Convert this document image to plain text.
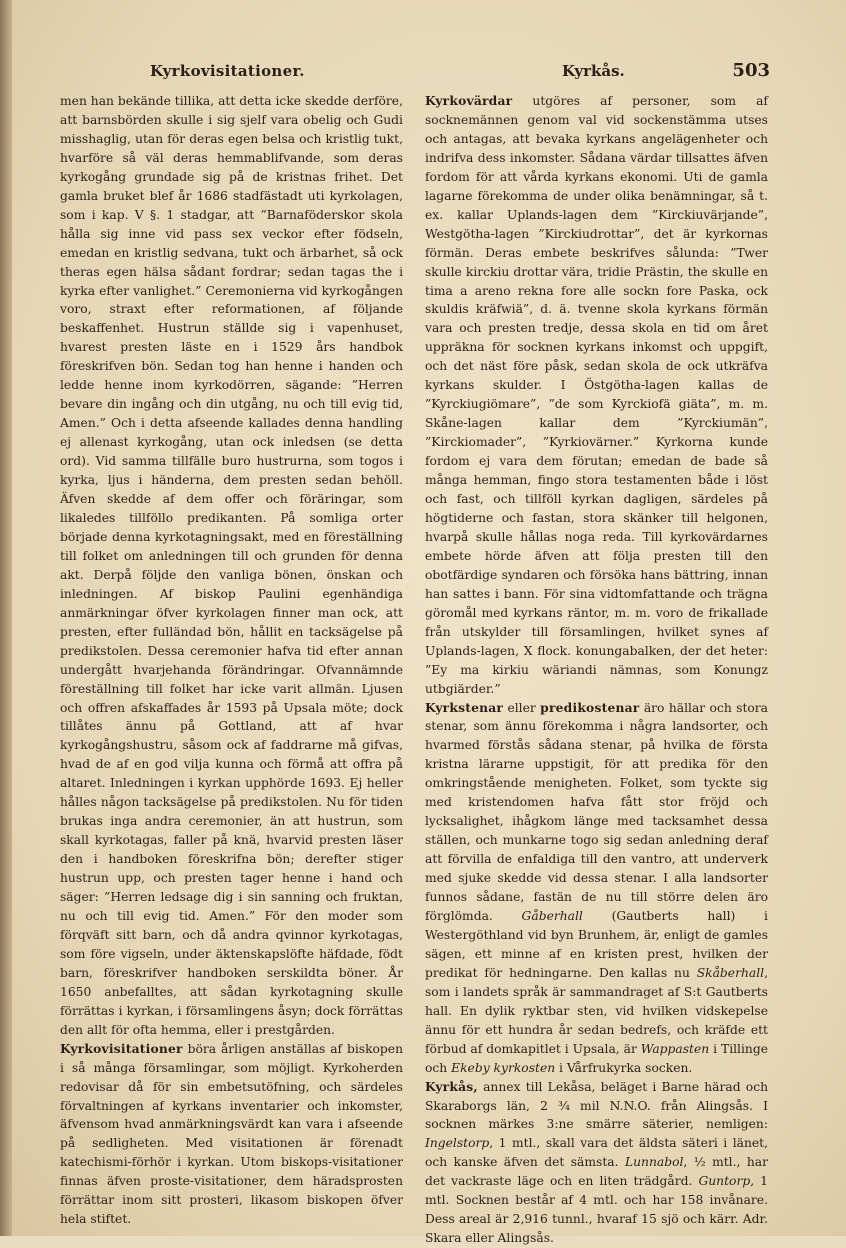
Kyrkovisitationer.	Kyrkås.	503

men han bekände tillika, att detta icke skedde derföre, att barnsbörden skulle i sig sjelf vara obelig och Gudi misshaglig, utan för deras egen belsa och kristlig tukt, hvarföre så väl deras hemmablifvande, som deras kyrkogång grundade sig på de kristnas frihet. Det gamla bruket blef år 1686 stadfästadt uti kyrkolagen, som i kap. V §. 1 stadgar, att ”Barnaföderskor skola hålla sig inne vid pass sex veckor efter födseln, emedan en kristlig sedvana, tukt och ärbarhet, så ock theras egen hälsa sådant fordrar; sedan tagas the i kyrka efter vanlighet.” Ceremonierna vid kyrkogången voro, straxt efter reformationen, af följande beskaffenhet. Hustrun ställde sig i vapenhuset, hvarest presten läste en i 1529 års handbok föreskrifven bön. Sedan tog han henne i handen och ledde henne inom kyrkodörren, sägande: ”Herren bevare din ingång och din utgång, nu och till evig tid, Amen.” Och i detta afseende kallades denna handling ej allenast kyrkogång, utan ock inledsen (se detta ord). Vid samma tillfälle buro hustrurna, som togos i kyrka, ljus i händerna, dem presten sedan behöll. Äfven skedde af dem offer och föräringar, som likaledes tillföllo predikanten. På somliga orter började denna kyrkotagningsakt, med en föreställning till folket om anledningen till och grunden för denna akt. Derpå följde den vanliga bönen, önskan och inledningen. Af biskop Paulini egenhändiga anmärkningar öfver kyrkolagen finner man ock, att presten, efter fulländad bön, hållit en tacksägelse på predikstolen. Dessa ceremonier hafva tid efter annan undergått hvarjehanda förändringar. Ofvannämnde föreställning till folket har icke varit allmän. Ljusen och offren afskaffades år 1593 på Upsala möte; dock tillåtes ännu på Gottland, att af hvar kyrkogångshustru, såsom ock af faddrarne må gifvas, hvad de af en god vilja kunna och förmå att offra på altaret. Inledningen i kyrkan upphörde 1693. Ej heller hålles någon tacksägelse på predikstolen. Nu för tiden brukas inga andra ceremonier, än att hustrun, som skall kyrkotagas, faller på knä, hvarvid presten läser den i handboken föreskrifna bön; derefter stiger hustrun upp, och presten tager henne i hand och säger: ”Herren ledsage dig i sin sanning och fruktan, nu och till evig tid. Amen.” För den moder som förqväft sitt barn, och då andra qvinnor kyrkotagas, som före vigseln, under äktenskapslöfte häfdade, födt barn, föreskrifver handboken serskildta böner. År 1650 anbefalltes, att sådan kyrkotagning skulle förrättas i kyrkan, i församlingens åsyn; dock förrättas den allt för ofta hemma, eller i prestgården.

Kyrkovisitationer böra årligen anställas af biskopen i så många församlingar, som möjligt. Kyrkoherden redovisar då för sin embetsutöfning, och särdeles förvaltningen af kyrkans inventarier och inkomster, äfvensom hvad anmärkningsvärdt kan vara i afseende på sedligheten. Med visitationen är förenadt katechismi-förhör i kyrkan. Utom biskops-visitationer finnas äfven proste-visitationer, dem häradsprosten förrättar inom sitt prosteri, likasom biskopen öfver hela stiftet.

Kyrkovärdar utgöres af personer, som af socknemännen genom val vid sockenstämma utses och antagas, att bevaka kyrkans angelägenheter och indrifva dess inkomster. Sådana värdar tillsattes äfven fordom för att vårda kyrkans ekonomi. Uti de gamla lagarne förekomma de under olika benämningar, så t. ex. kallar Uplands-lagen dem ”Kirckiuvärjande”, Westgötha-lagen ”Kirckiudrottar”, det är kyrkornas förmän. Deras embete beskrifves sålunda: ”Twer skulle kirckiu drottar vära, tridie Prästin, the skulle en tima a areno rekna fore alle sockn fore Paska, ock skuldis kräfwiä”, d. ä. tvenne skola kyrkans förmän vara och presten tredje, dessa skola en tid om året uppräkna för socknen kyrkans inkomst och uppgift, och det näst före påsk, sedan skola de ock utkräfva kyrkans skulder. I Östgötha-lagen kallas de ”Kyrckiugiömare”, ”de som Kyrckiofä giäta”, m. m. Skåne-lagen kallar dem ”Kyrckiumän”, ”Kirckiomader”, ”Kyrkiovärner.” Kyrkorna kunde fordom ej vara dem förutan; emedan de bade så många hemman, fingo stora testamenten både i löst och fast, och tillföll kyrkan dagligen, särdeles på högtiderne och fastan, stora skänker till helgonen, hvarpå skulle hållas noga reda. Till kyrkovärdarnes embete hörde äfven att följa presten till den obotfärdige syndaren och försöka hans bättring, innan han sattes i bann. För sina vidtomfattande och trägna göromål med kyrkans räntor, m. m. voro de frikallade från utskylder till församlingen, hvilket synes af Uplands-lagen, X flock. konungabalken, der det heter: ”Ey ma kirkiu wäriandi nämnas, som Konungz utbgiärder.”

Kyrkstenar eller predikostenar äro hällar och stora stenar, som ännu förekomma i några landsorter, och hvarmed förstås sådana stenar, på hvilka de första kristna lärarne uppstigit, för att predika för den omkringstående menigheten. Folket, som tyckte sig med kristendomen hafva fått stor fröjd och lycksalighet, ihågkom länge med tacksamhet dessa ställen, och munkarne togo sig sedan anledning deraf att förvilla de enfaldiga till den vantro, att underverk med sjuke skedde vid dessa stenar. I alla landsorter funnos sådane, fastän de nu till större delen äro förglömda. Gåberhall (Gautberts hall) i Westergöthland vid byn Brunhem, är, enligt de gamles sägen, ett minne af en kristen prest, hvilken der predikat för hedningarne. Den kallas nu Skåberhall, som i landets språk är sammandraget af S:t Gautberts hall. En dylik ryktbar sten, vid hvilken vidskepelse ännu för ett hundra år sedan bedrefs, och kräfde ett förbud af domkapitlet i Upsala, är Wappasten i Tillinge och Ekeby kyrkosten i Vårfrukyrka socken.

Kyrkås, annex till Lekåsa, beläget i Barne härad och Skaraborgs län, 2 ¾ mil N.N.O. från Alingsås. I socknen märkes 3:ne smärre säterier, nemligen: Ingelstorp, 1 mtl., skall vara det äldsta säteri i länet, och kanske äfven det sämsta. Lunnabol, ½ mtl., har det vackraste läge och en liten trädgård. Guntorp, 1 mtl. Socknen består af 4 mtl. och har 158 invånare. Dess areal är 2,916 tunnl., hvaraf 15 sjö och kärr. Adr. Skara eller Alingsås.
